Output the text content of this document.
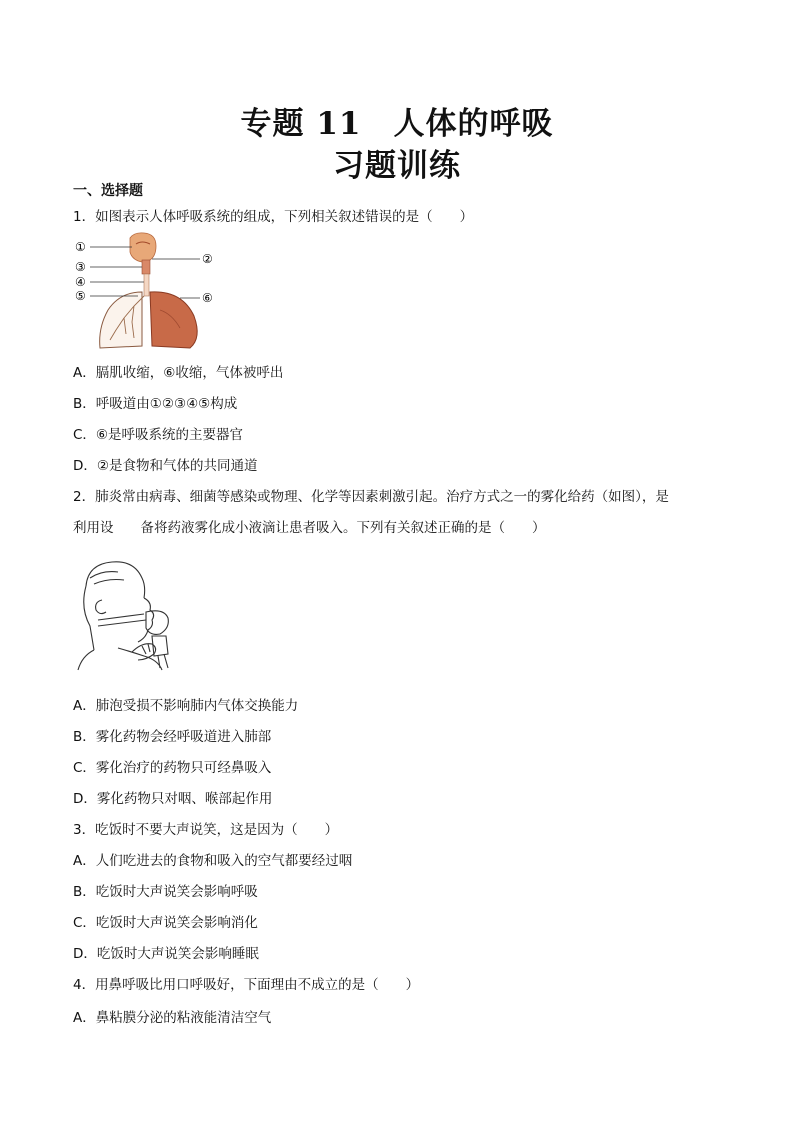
专题 11　人体的呼吸
习题训练
一、选择题
1．如图表示人体呼吸系统的组成，下列相关叙述错误的是（　　）
①
②
③
④
⑤	⑥
A．膈肌收缩，⑥收缩，气体被呼出
B．呼吸道由①②③④⑤构成
C．⑥是呼吸系统的主要器官
D．②是食物和气体的共同通道
2．肺炎常由病毒、细菌等感染或物理、化学等因素刺激引起。治疗方式之一的雾化给药（如图），是
利用设　　备将药液雾化成小液滴让患者吸入。下列有关叙述正确的是（　　）
A．肺泡受损不影响肺内气体交换能力
B．雾化药物会经呼吸道进入肺部
C．雾化治疗的药物只可经鼻吸入
D．雾化药物只对咽、喉部起作用
3．吃饭时不要大声说笑，这是因为（　　）
A．人们吃进去的食物和吸入的空气都要经过咽
B．吃饭时大声说笑会影响呼吸
C．吃饭时大声说笑会影响消化
D．吃饭时大声说笑会影响睡眠
4．用鼻呼吸比用口呼吸好，下面理由不成立的是（　　）
A．鼻粘膜分泌的粘液能清洁空气
